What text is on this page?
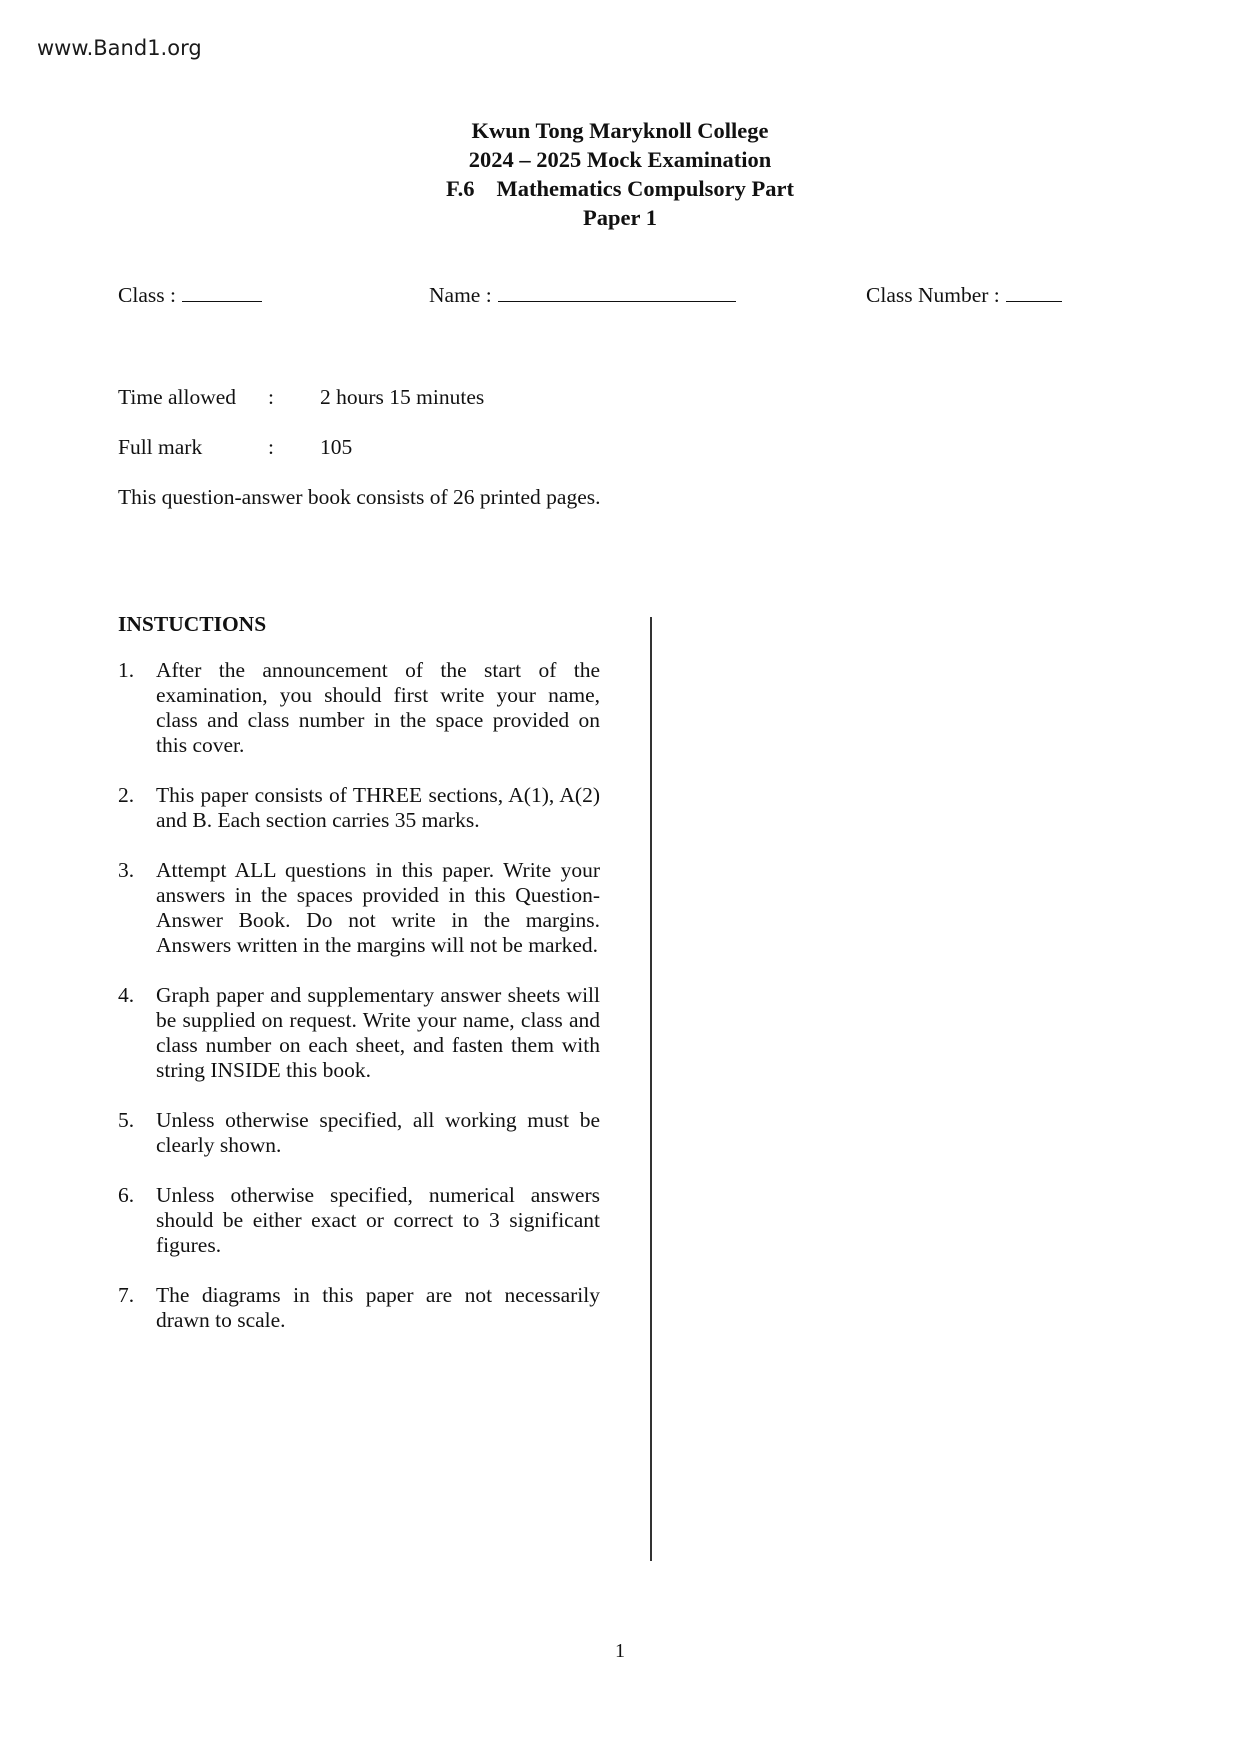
www.Band1.org
Kwun Tong Maryknoll College
2024 – 2025 Mock Examination
F.6 Mathematics Compulsory Part
Paper 1
Class :	Name :	Class Number :
Time allowed : 2 hours 15 minutes
Full mark	: 105
This question-answer book consists of 26 printed pages.
INSTUCTIONS
1.	After the announcement of the start of the examination, you should first write your name, class and class number in the space provided on this cover.
2.	This paper consists of THREE sections, A(1), A(2) and B. Each section carries 35 marks.
3.	Attempt ALL questions in this paper. Write your answers in the spaces provided in this Question-Answer Book. Do not write in the margins. Answers written in the margins will not be marked.
4.	Graph paper and supplementary answer sheets will be supplied on request. Write your name, class and class number on each sheet, and fasten them with string INSIDE this book.
5.	Unless otherwise specified, all working must be clearly shown.
6.	Unless otherwise specified, numerical answers should be either exact or correct to 3 significant figures.
7.	The diagrams in this paper are not necessarily drawn to scale.
1
